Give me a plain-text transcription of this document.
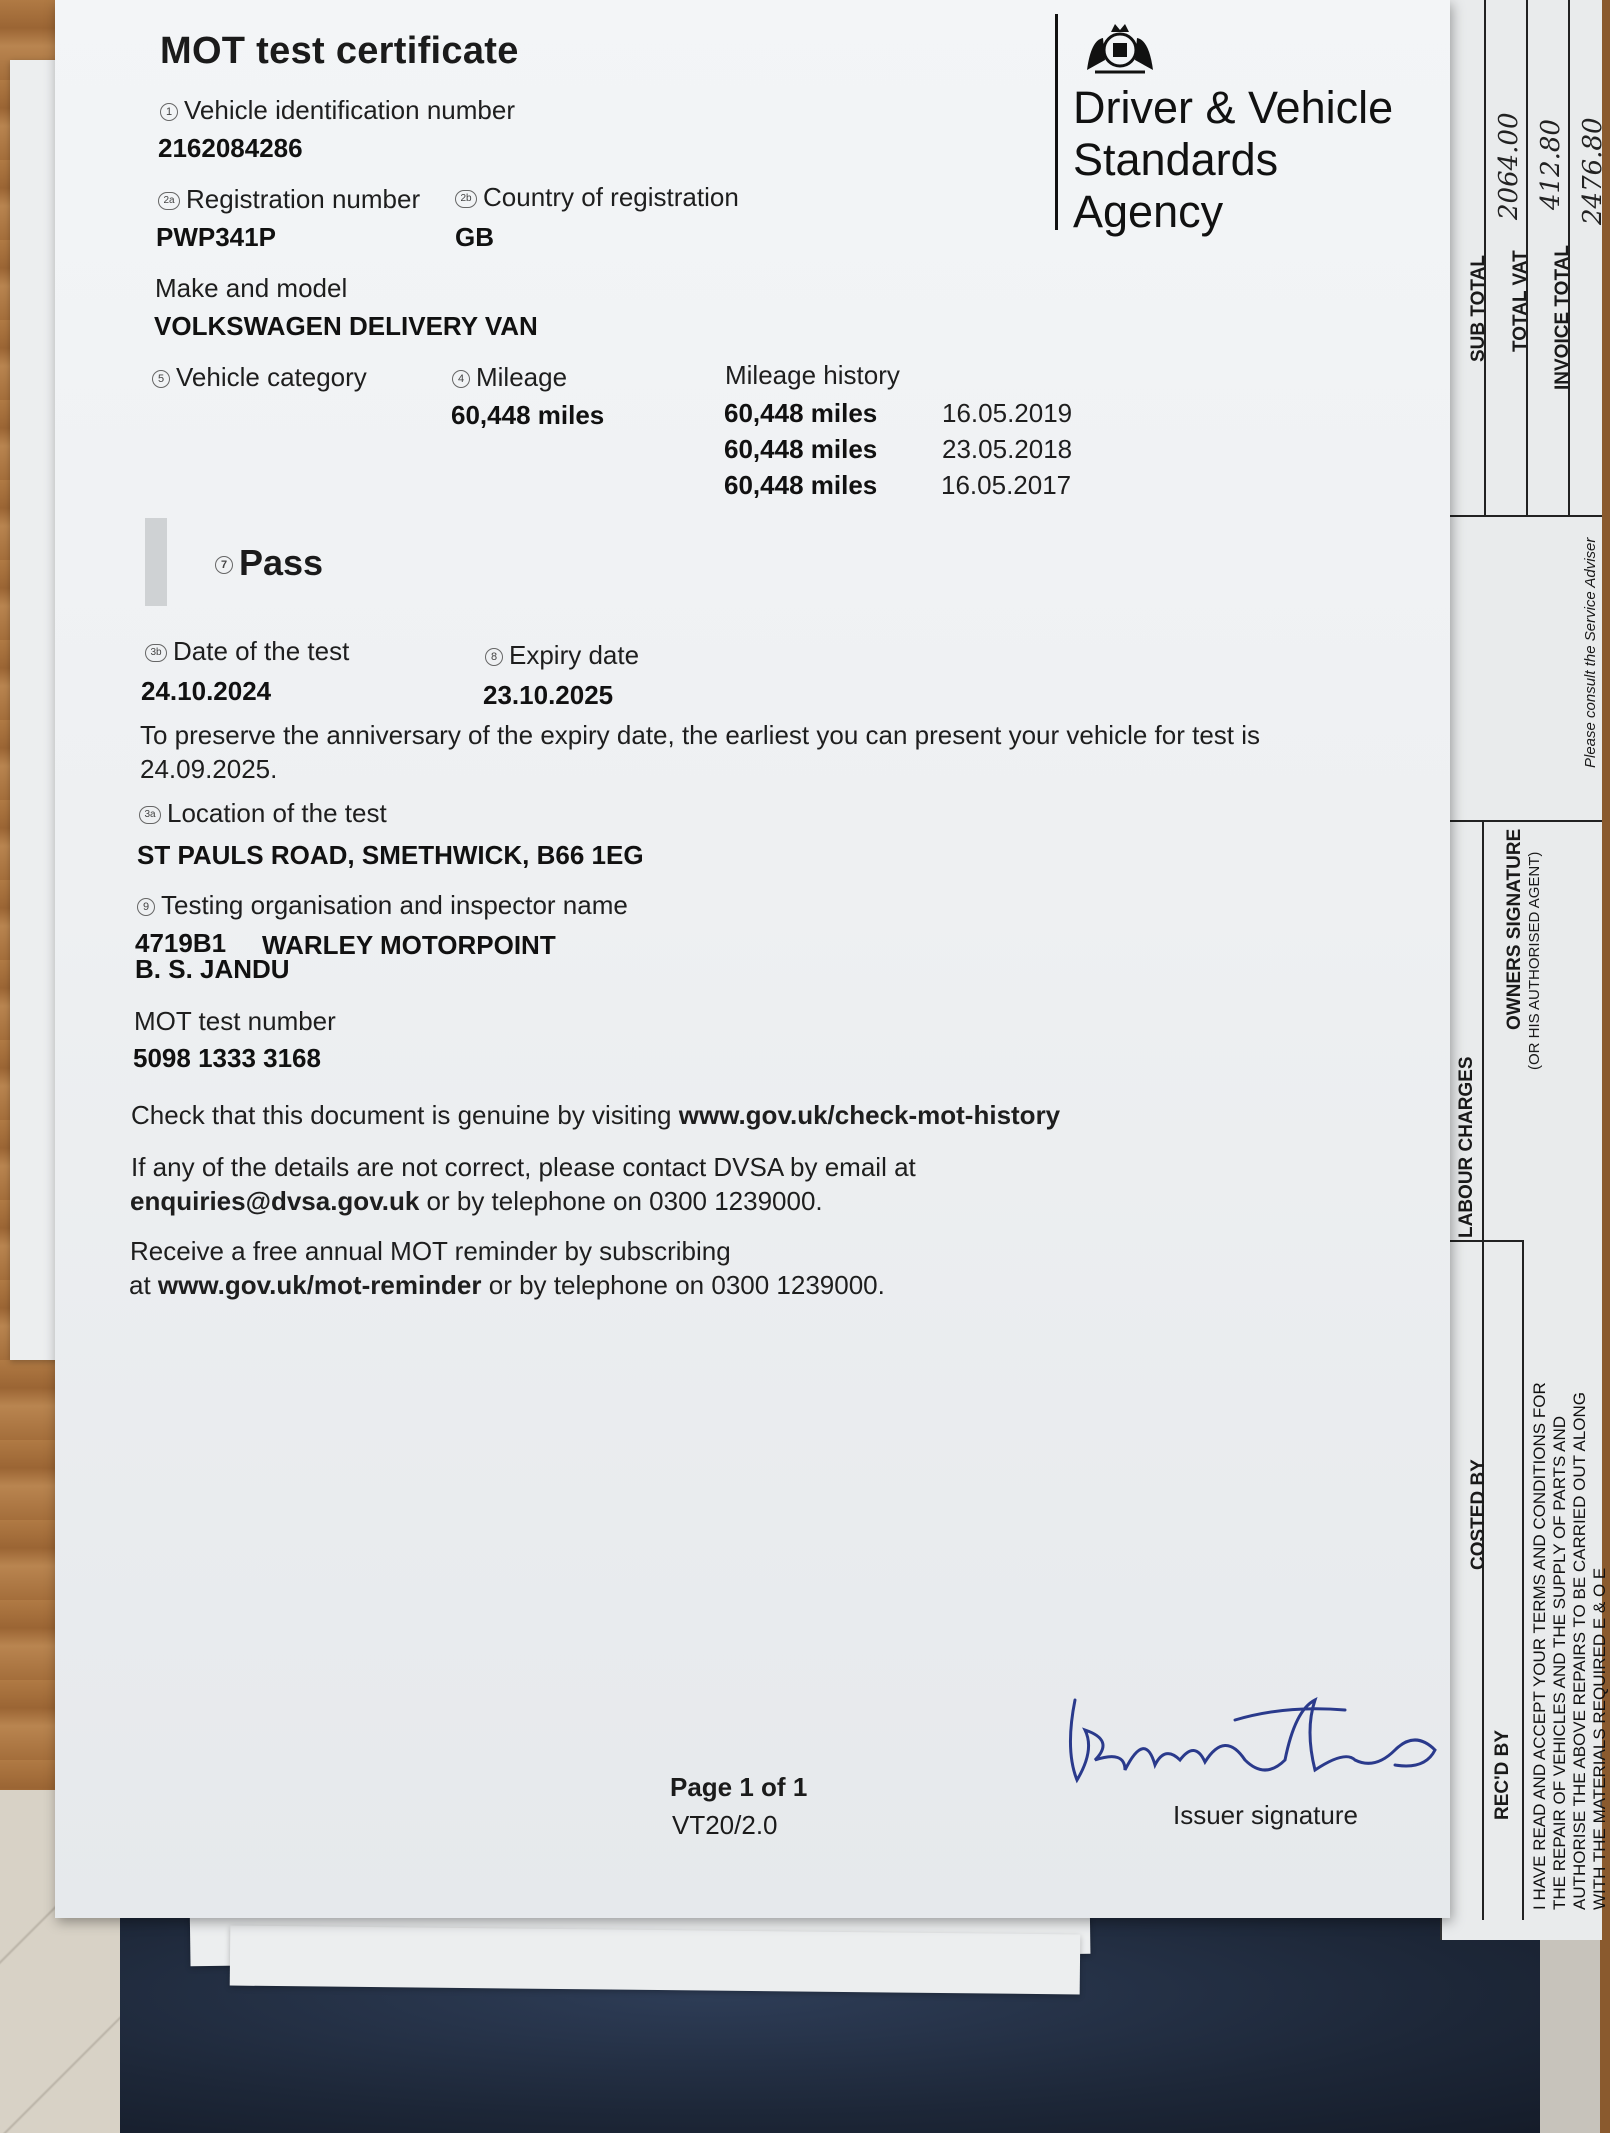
SUB TOTAL
2064.00
TOTAL VAT
412.80
INVOICE TOTAL
2476.80
Please consult the Service Adviser
OWNERS SIGNATURE (OR HIS AUTHORISED AGENT)
LABOUR CHARGES
COSTED BY
REC'D BY I HAVE READ AND ACCEPT YOUR TERMS AND CONDITIONS FOR THE REPAIR OF VEHICLES AND THE SUPPLY OF PARTS AND AUTHORISE THE ABOVE REPAIRS TO BE CARRIED OUT ALONG WITH THE MATERIALS REQUIRED E & O E
MOT test certificate
Driver & Vehicle
Standards
Agency
1 Vehicle identification number
2162084286
2a Registration number
PWP341P
2b Country of registration
GB
Make and model
VOLKSWAGEN DELIVERY VAN
5 Vehicle category	4 Mileage
60,448 miles
Mileage history
60,448 miles 16.05.2019
60,448 miles 23.05.2018
60,448 miles 16.05.2017
7 Pass
3b Date of the test
24.10.2024
8 Expiry date
23.10.2025
To preserve the anniversary of the expiry date, the earliest you can present your vehicle for test is
24.09.2025.
3a Location of the test
ST PAULS ROAD, SMETHWICK, B66 1EG
9 Testing organisation and inspector name
4719B1 WARLEY MOTORPOINT
B. S. JANDU
MOT test number
5098 1333 3168
Check that this document is genuine by visiting www.gov.uk/check-mot-history
If any of the details are not correct, please contact DVSA by email at
enquiries@dvsa.gov.uk or by telephone on 0300 1239000.
Receive a free annual MOT reminder by subscribing
at www.gov.uk/mot-reminder or by telephone on 0300 1239000.
Page 1 of 1
VT20/2.0	Issuer signature
